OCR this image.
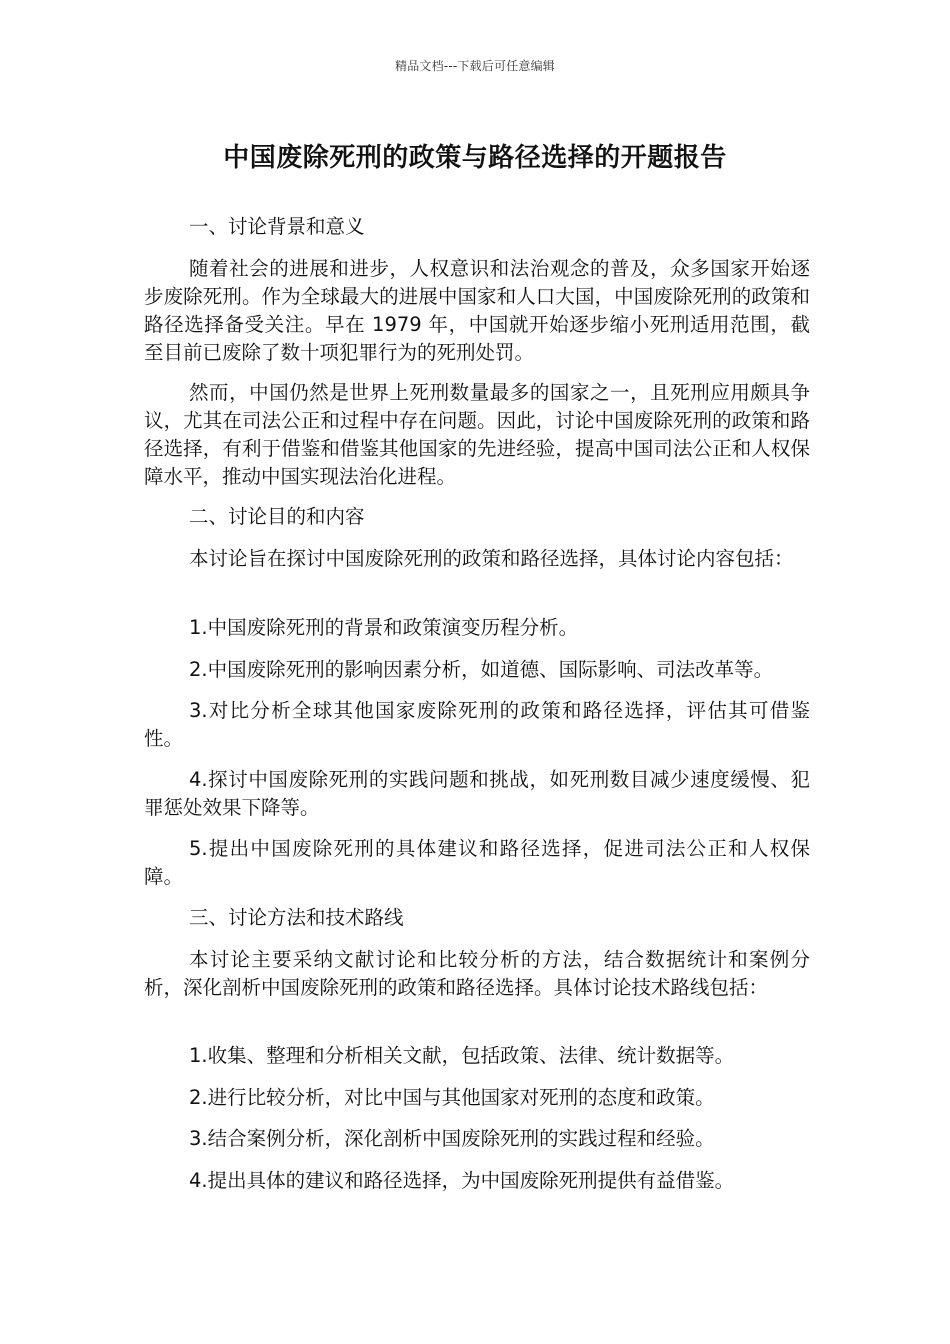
精品文档---下载后可任意编辑
中国废除死刑的政策与路径选择的开题报告

一、讨论背景和意义

随着社会的进展和进步，人权意识和法治观念的普及，众多国家开始逐步废除死刑。作为全球最大的进展中国家和人口大国，中国废除死刑的政策和路径选择备受关注。早在 1979 年，中国就开始逐步缩小死刑适用范围，截至目前已废除了数十项犯罪行为的死刑处罚。

然而，中国仍然是世界上死刑数量最多的国家之一，且死刑应用颇具争议，尤其在司法公正和过程中存在问题。因此，讨论中国废除死刑的政策和路径选择，有利于借鉴和借鉴其他国家的先进经验，提高中国司法公正和人权保障水平，推动中国实现法治化进程。

二、讨论目的和内容

本讨论旨在探讨中国废除死刑的政策和路径选择，具体讨论内容包括：

1.中国废除死刑的背景和政策演变历程分析。

2.中国废除死刑的影响因素分析，如道德、国际影响、司法改革等。

3.对比分析全球其他国家废除死刑的政策和路径选择，评估其可借鉴性。

4.探讨中国废除死刑的实践问题和挑战，如死刑数目减少速度缓慢、犯罪惩处效果下降等。

5.提出中国废除死刑的具体建议和路径选择，促进司法公正和人权保障。

三、讨论方法和技术路线

本讨论主要采纳文献讨论和比较分析的方法，结合数据统计和案例分析，深化剖析中国废除死刑的政策和路径选择。具体讨论技术路线包括：

1.收集、整理和分析相关文献，包括政策、法律、统计数据等。

2.进行比较分析，对比中国与其他国家对死刑的态度和政策。

3.结合案例分析，深化剖析中国废除死刑的实践过程和经验。

4.提出具体的建议和路径选择，为中国废除死刑提供有益借鉴。
